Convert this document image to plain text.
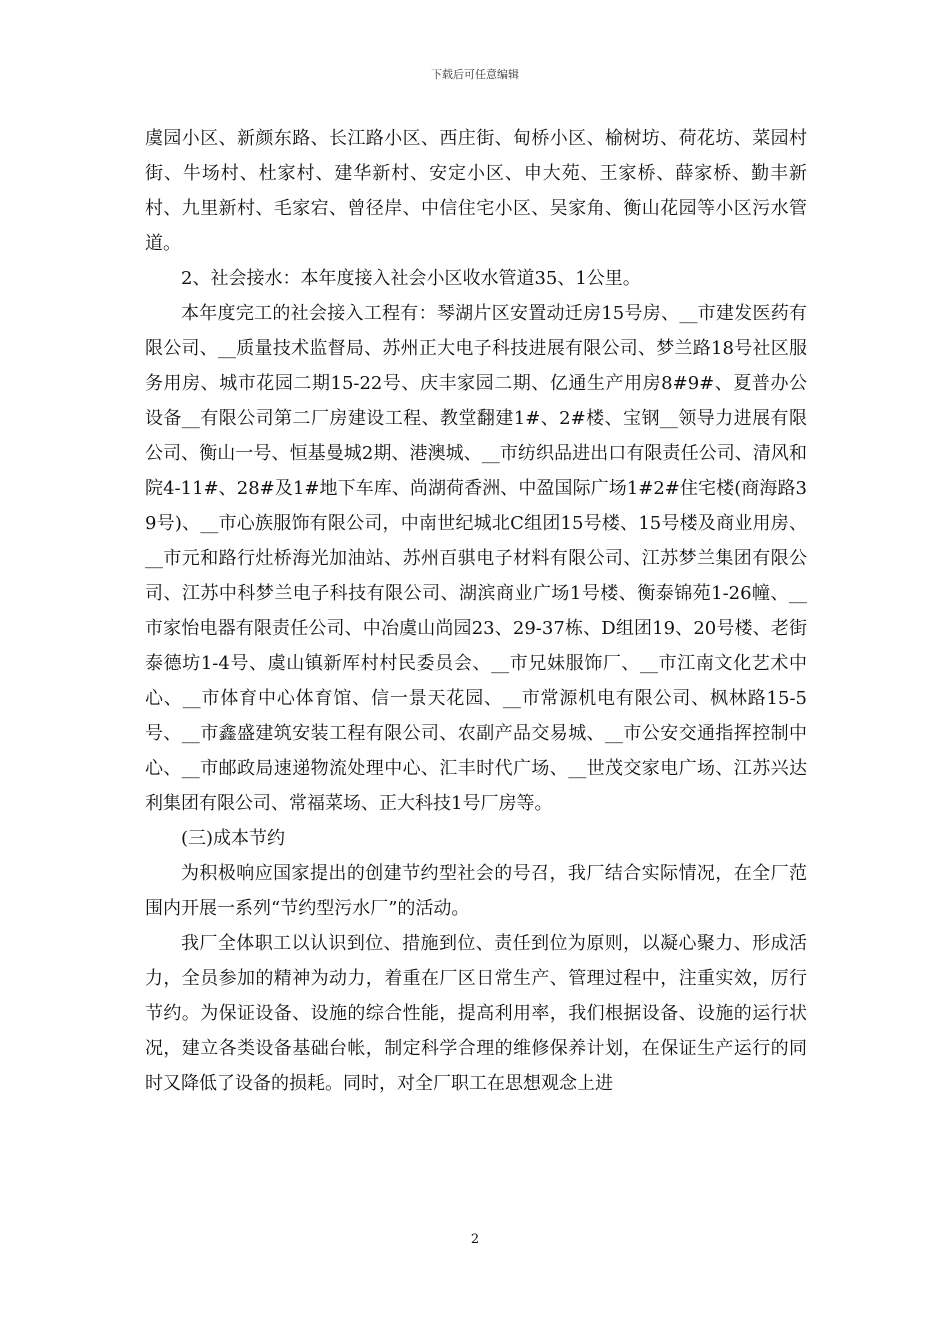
下载后可任意编辑

虞园小区、新颜东路、长江路小区、西庄街、甸桥小区、榆树坊、荷花坊、菜园村街、牛场村、杜家村、建华新村、安定小区、申大苑、王家桥、薛家桥、勤丰新村、九里新村、毛家宕、曾径岸、中信住宅小区、吴家角、衡山花园等小区污水管道。

2、社会接水：本年度接入社会小区收水管道35、1公里。

本年度完工的社会接入工程有：琴湖片区安置动迁房15号房、__市建发医药有限公司、__质量技术监督局、苏州正大电子科技进展有限公司、梦兰路18号社区服务用房、城市花园二期15-22号、庆丰家园二期、亿通生产用房8#9#、夏普办公设备__有限公司第二厂房建设工程、教堂翻建1#、2#楼、宝钢__领导力进展有限公司、衡山一号、恒基曼城2期、港澳城、__市纺织品进出口有限责任公司、清风和院4-11#、28#及1#地下车库、尚湖荷香洲、中盈国际广场1#2#住宅楼(商海路39号)、__市心族服饰有限公司，中南世纪城北C组团15号楼、15号楼及商业用房、__市元和路行灶桥海光加油站、苏州百骐电子材料有限公司、江苏梦兰集团有限公司、江苏中科梦兰电子科技有限公司、湖滨商业广场1号楼、衡泰锦苑1-26幢、__市家怡电器有限责任公司、中冶虞山尚园23、29-37栋、D组团19、20号楼、老街泰德坊1-4号、虞山镇新厍村村民委员会、__市兄妹服饰厂、__市江南文化艺术中心、__市体育中心体育馆、信一景天花园、__市常源机电有限公司、枫林路15-5号、__市鑫盛建筑安装工程有限公司、农副产品交易城、__市公安交通指挥控制中心、__市邮政局速递物流处理中心、汇丰时代广场、__世茂交家电广场、江苏兴达利集团有限公司、常福菜场、正大科技1号厂房等。

(三)成本节约

为积极响应国家提出的创建节约型社会的号召，我厂结合实际情况，在全厂范围内开展一系列“节约型污水厂”的活动。

我厂全体职工以认识到位、措施到位、责任到位为原则，以凝心聚力、形成活力，全员参加的精神为动力，着重在厂区日常生产、管理过程中，注重实效，厉行节约。为保证设备、设施的综合性能，提高利用率，我们根据设备、设施的运行状况，建立各类设备基础台帐，制定科学合理的维修保养计划，在保证生产运行的同时又降低了设备的损耗。同时，对全厂职工在思想观念上进

2
